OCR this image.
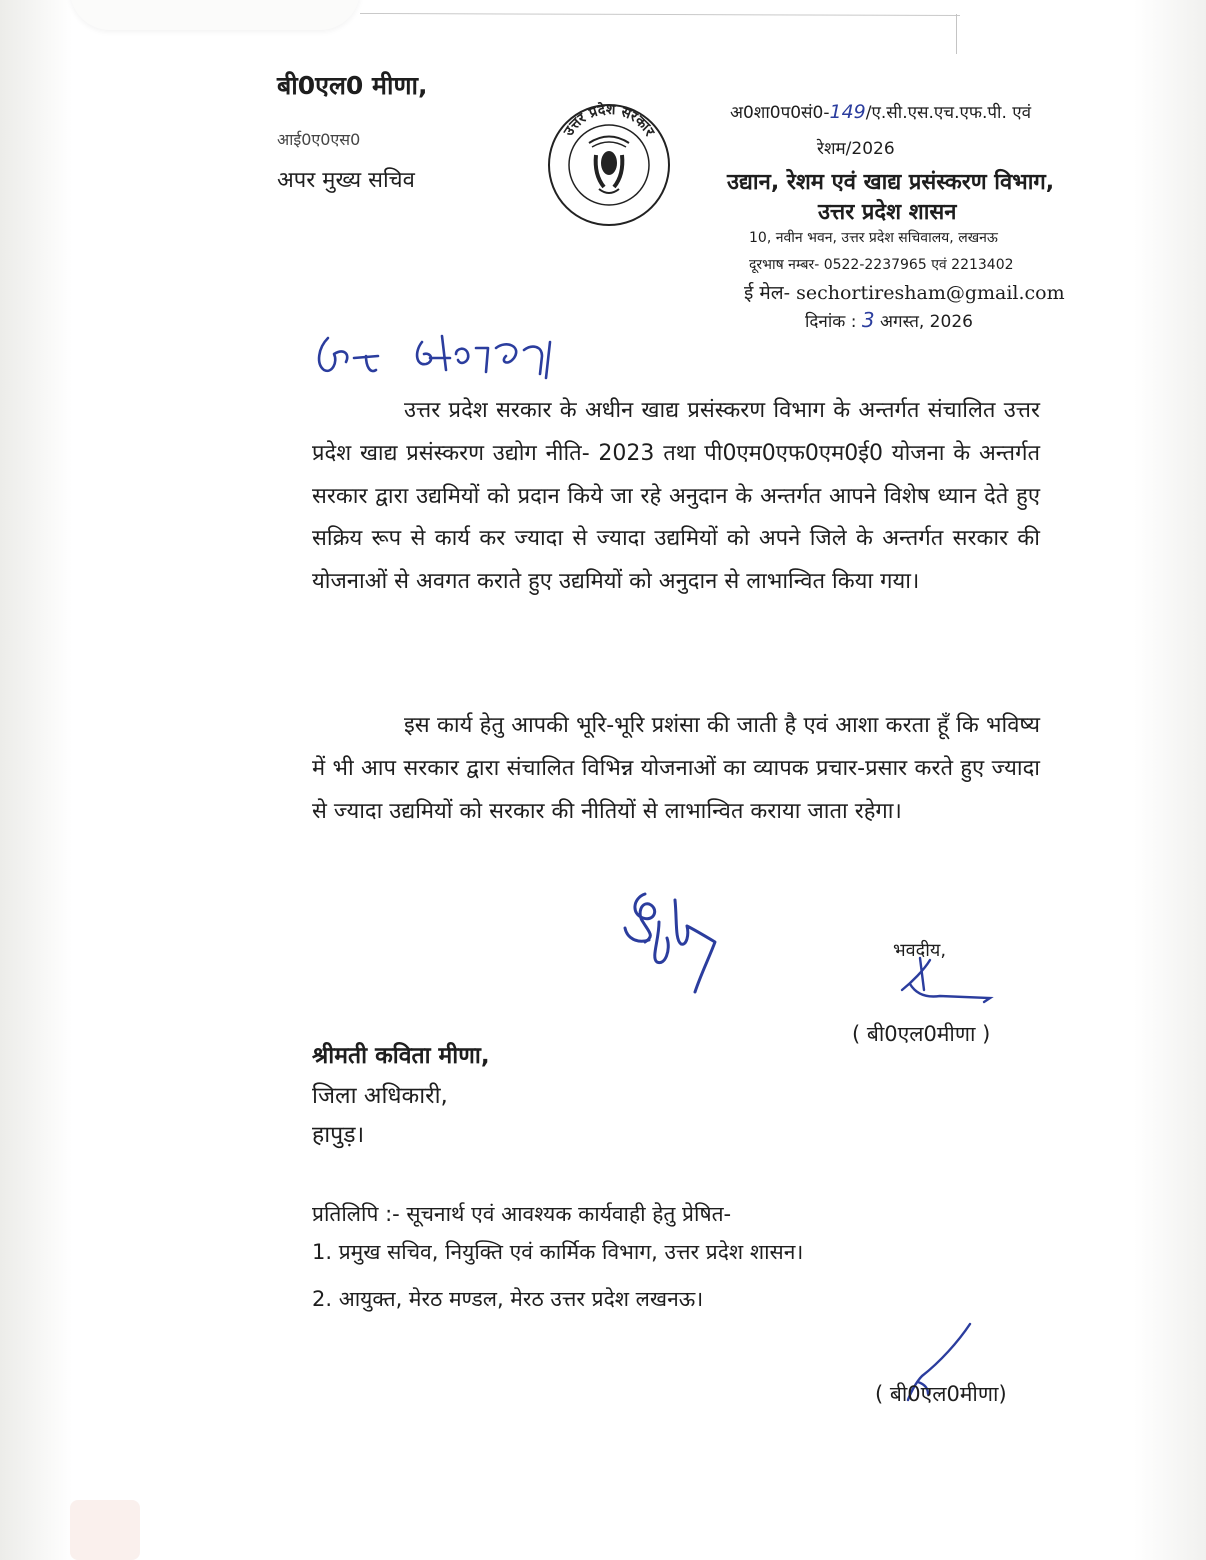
बी0एल0 मीणा,
आई0ए0एस0
अपर मुख्य सचिव
उत्तर प्रदेश सरकार
अ0शा0प0सं0-149/ए.सी.एस.एच.एफ.पी. एवं
रेशम/2026
उद्यान, रेशम एवं खाद्य प्रसंस्करण विभाग,
उत्तर प्रदेश शासन
10, नवीन भवन, उत्तर प्रदेश सचिवालय, लखनऊ
दूरभाष नम्बर- 0522-2237965 एवं 2213402
ई मेल- sechortiresham@gmail.com
दिनांक : 3 अगस्त, 2026
उत्तर प्रदेश सरकार के अधीन खाद्य प्रसंस्करण विभाग के अन्तर्गत संचालित उत्तर प्रदेश खाद्य प्रसंस्करण उद्योग नीति- 2023 तथा पी0एम0एफ0एम0ई0 योजना के अन्तर्गत सरकार द्वारा उद्यमियों को प्रदान किये जा रहे अनुदान के अन्तर्गत आपने विशेष ध्यान देते हुए सक्रिय रूप से कार्य कर ज्यादा से ज्यादा उद्यमियों को अपने जिले के अन्तर्गत सरकार की योजनाओं से अवगत कराते हुए उद्यमियों को अनुदान से लाभान्वित किया गया।
इस कार्य हेतु आपकी भूरि-भूरि प्रशंसा की जाती है एवं आशा करता हूँ कि भविष्य में भी आप सरकार द्वारा संचालित विभिन्न योजनाओं का व्यापक प्रचार-प्रसार करते हुए ज्यादा से ज्यादा उद्यमियों को सरकार की नीतियों से लाभान्वित कराया जाता रहेगा।
भवदीय,
( बी0एल0मीणा )
श्रीमती कविता मीणा,
जिला अधिकारी,
हापुड़।
प्रतिलिपि :- सूचनार्थ एवं आवश्यक कार्यवाही हेतु प्रेषित-
1. प्रमुख सचिव, नियुक्ति एवं कार्मिक विभाग, उत्तर प्रदेश शासन।
2. आयुक्त, मेरठ मण्डल, मेरठ उत्तर प्रदेश लखनऊ।
( बी0एल0मीणा)
